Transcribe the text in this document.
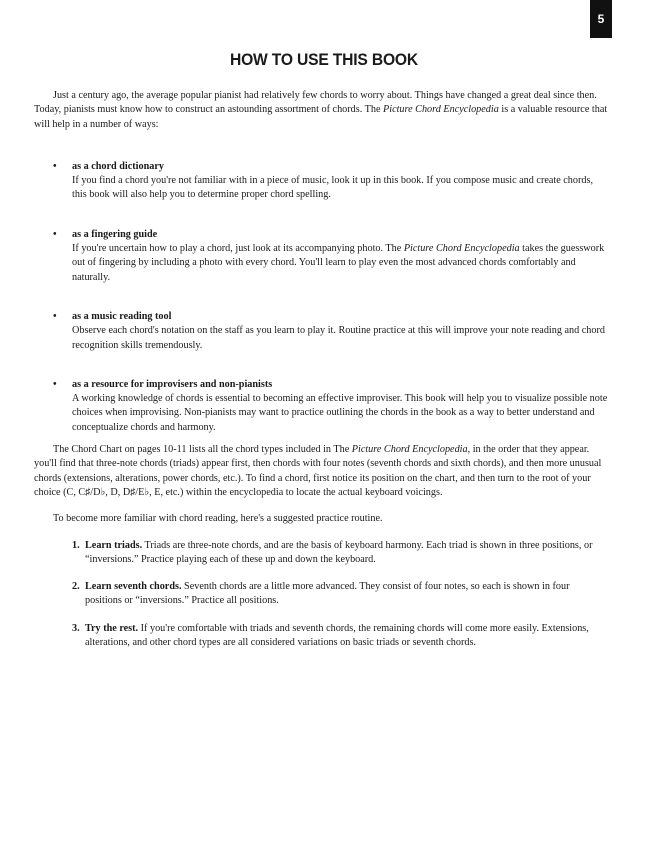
5
HOW TO USE THIS BOOK

Just a century ago, the average popular pianist had relatively few chords to worry about. Things have changed a great deal since then. Today, pianists must know how to construct an astounding assortment of chords. The Picture Chord Encyclopedia is a valuable resource that will help in a number of ways:

• as a chord dictionary
If you find a chord you're not familiar with in a piece of music, look it up in this book. If you compose music and create chords, this book will also help you to determine proper chord spelling.
• as a fingering guide
If you're uncertain how to play a chord, just look at its accompanying photo. The Picture Chord Encyclopedia takes the guesswork out of fingering by including a photo with every chord. You'll learn to play even the most advanced chords comfortably and naturally.
• as a music reading tool
Observe each chord's notation on the staff as you learn to play it. Routine practice at this will improve your note reading and chord recognition skills tremendously.
• as a resource for improvisers and non-pianists
A working knowledge of chords is essential to becoming an effective improviser. This book will help you to visualize possible note choices when improvising. Non-pianists may want to practice outlining the chords in the book as a way to better understand and conceptualize chords and harmony.

The Chord Chart on pages 10-11 lists all the chord types included in The Picture Chord Encyclopedia, in the order that they appear. you'll find that three-note chords (triads) appear first, then chords with four notes (seventh chords and sixth chords), and then more unusual chords (extensions, alterations, power chords, etc.). To find a chord, first notice its position on the chart, and then turn to the root of your choice (C, C♯/D♭, D, D♯/E♭, E, etc.) within the encyclopedia to locate the actual keyboard voicings.

To become more familiar with chord reading, here's a suggested practice routine.

1. Learn triads. Triads are three-note chords, and are the basis of keyboard harmony. Each triad is shown in three positions, or “inversions.” Practice playing each of these up and down the keyboard.
2. Learn seventh chords. Seventh chords are a little more advanced. They consist of four notes, so each is shown in four positions or “inversions.” Practice all positions.
3. Try the rest. If you're comfortable with triads and seventh chords, the remaining chords will come more easily. Extensions, alterations, and other chord types are all considered variations on basic triads or seventh chords.
